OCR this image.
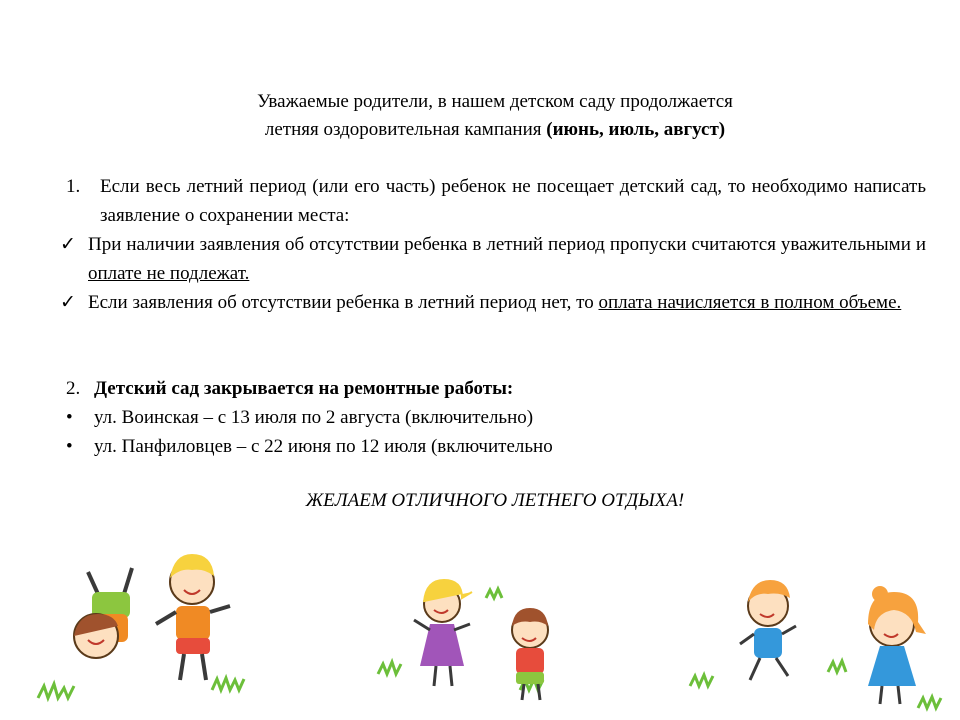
Уважаемые родители, в нашем детском саду продолжается
летняя оздоровительная кампания (июнь, июль, август)
1.	Если весь летний период (или его часть) ребенок не посещает детский сад, то необходимо написать заявление о сохранении места:
✓ При наличии заявления об отсутствии ребенка в летний период пропуски считаются уважительными и оплате не подлежат.
✓ Если заявления об отсутствии ребенка в летний период нет, то оплата начисляется в полном объеме.
2. Детский сад закрывается на ремонтные работы:
•	ул. Воинская – с 13 июля по 2 августа (включительно)
•	ул. Панфиловцев – с 22 июня по 12 июля (включительно
ЖЕЛАЕМ ОТЛИЧНОГО ЛЕТНЕГО ОТДЫХА!
